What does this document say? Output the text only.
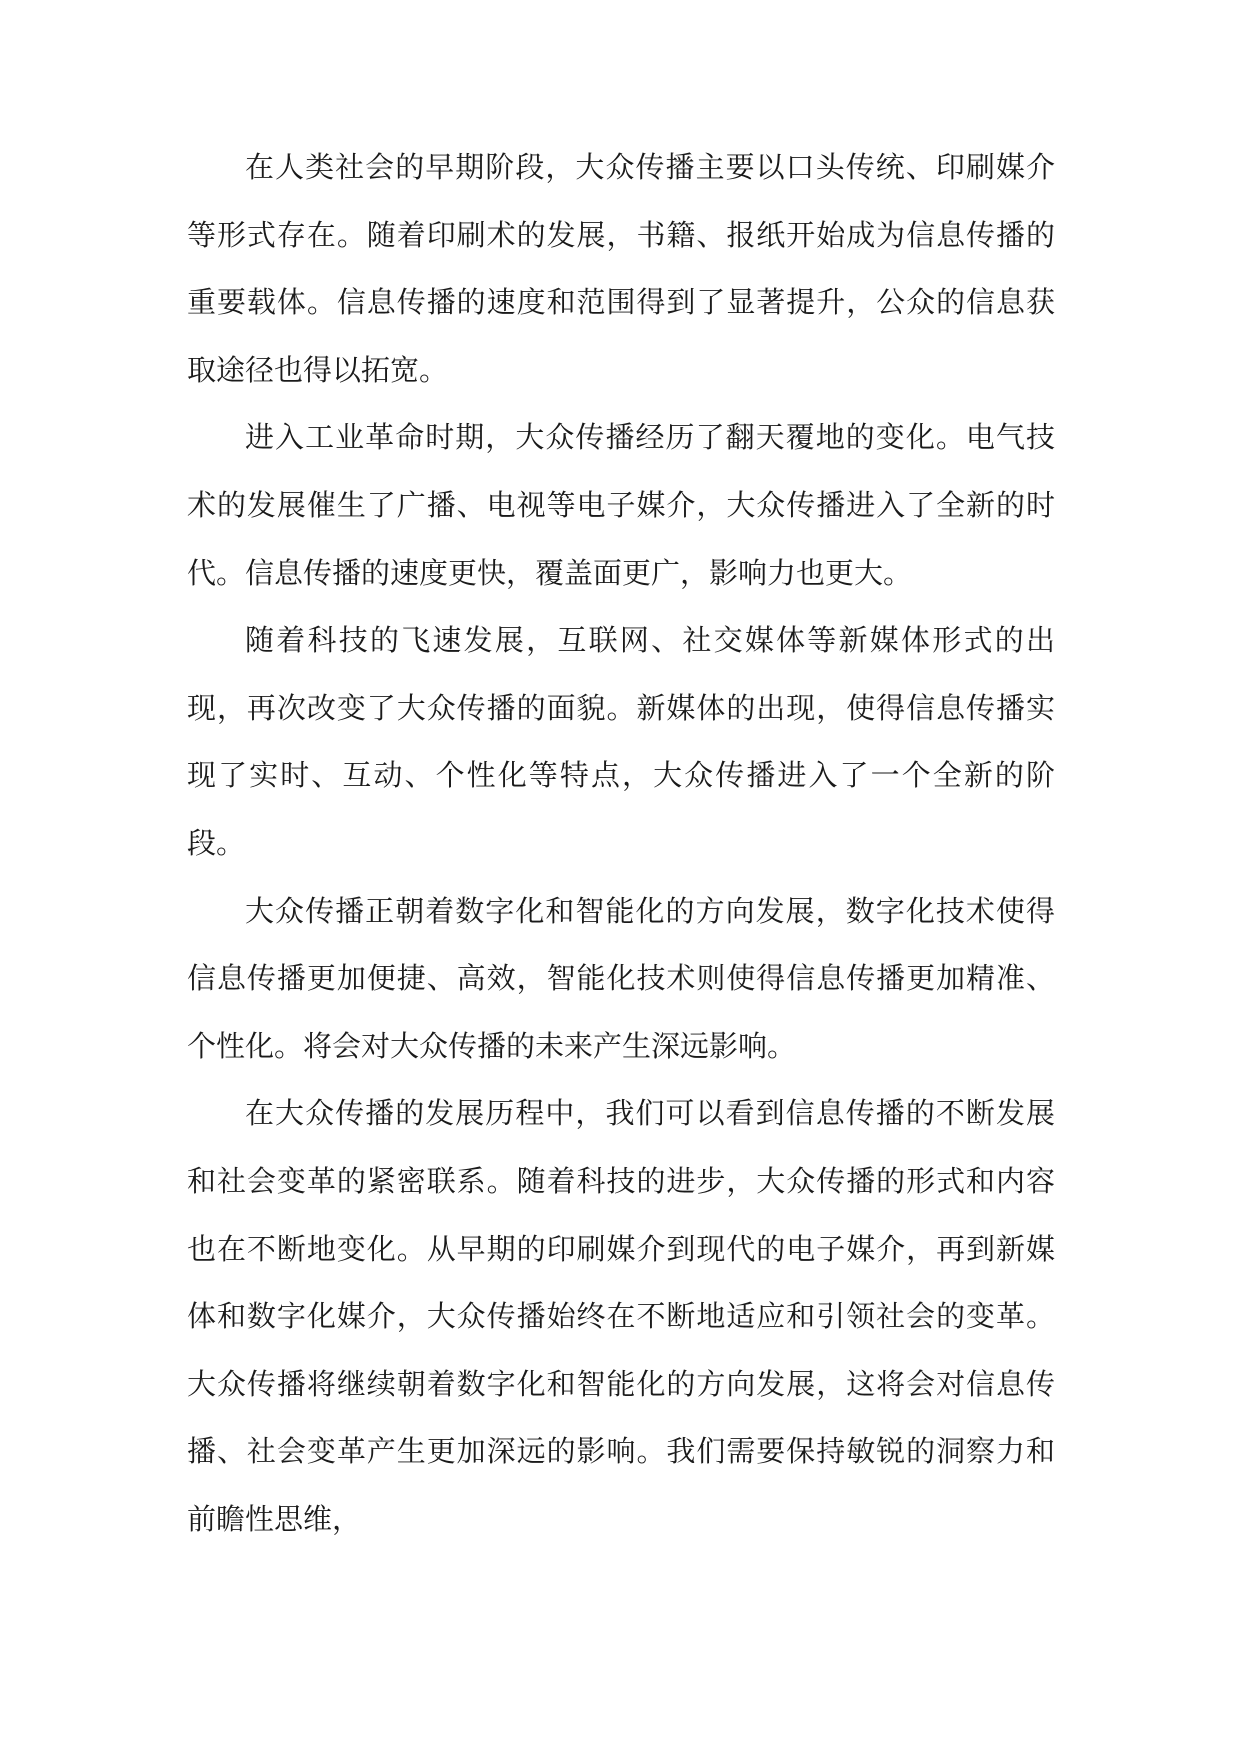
在人类社会的早期阶段，大众传播主要以口头传统、印刷媒介等形式存在。随着印刷术的发展，书籍、报纸开始成为信息传播的重要载体。信息传播的速度和范围得到了显著提升，公众的信息获取途径也得以拓宽。

进入工业革命时期，大众传播经历了翻天覆地的变化。电气技术的发展催生了广播、电视等电子媒介，大众传播进入了全新的时代。信息传播的速度更快，覆盖面更广，影响力也更大。

随着科技的飞速发展，互联网、社交媒体等新媒体形式的出现，再次改变了大众传播的面貌。新媒体的出现，使得信息传播实现了实时、互动、个性化等特点，大众传播进入了一个全新的阶段。

大众传播正朝着数字化和智能化的方向发展，数字化技术使得信息传播更加便捷、高效，智能化技术则使得信息传播更加精准、个性化。将会对大众传播的未来产生深远影响。

在大众传播的发展历程中，我们可以看到信息传播的不断发展和社会变革的紧密联系。随着科技的进步，大众传播的形式和内容也在不断地变化。从早期的印刷媒介到现代的电子媒介，再到新媒体和数字化媒介，大众传播始终在不断地适应和引领社会的变革。大众传播将继续朝着数字化和智能化的方向发展，这将会对信息传播、社会变革产生更加深远的影响。我们需要保持敏锐的洞察力和前瞻性思维，
